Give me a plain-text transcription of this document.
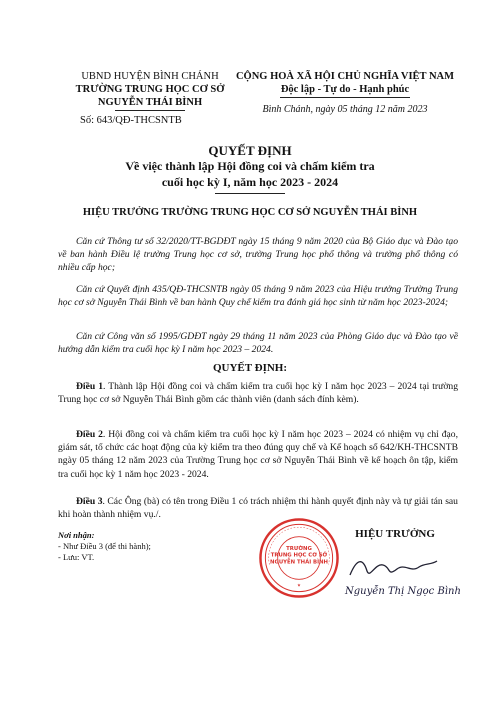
UBND HUYỆN BÌNH CHÁNH
TRƯỜNG TRUNG HỌC CƠ SỞ
NGUYỄN THÁI BÌNH
Số: 643/QĐ-THCSNTB
CỘNG HOÀ XÃ HỘI CHỦ NGHĨA VIỆT NAM
Độc lập - Tự do - Hạnh phúc
Bình Chánh, ngày 05 tháng 12 năm 2023
QUYẾT ĐỊNH
Về việc thành lập Hội đồng coi và chấm kiểm tra
cuối học kỳ I, năm học 2023 - 2024
HIỆU TRƯỞNG TRƯỜNG TRUNG HỌC CƠ SỞ NGUYỄN THÁI BÌNH
Căn cứ Thông tư số 32/2020/TT-BGDĐT ngày 15 tháng 9 năm 2020 của Bộ Giáo dục và Đào tạo về ban hành Điều lệ trường Trung học cơ sở, trường Trung học phổ thông và trường phổ thông có nhiều cấp học;
Căn cứ Quyết định 435/QĐ-THCSNTB ngày 05 tháng 9 năm 2023 của Hiệu trưởng Trường Trung học cơ sở Nguyễn Thái Bình về ban hành Quy chế kiểm tra đánh giá học sinh từ năm học 2023-2024;
Căn cứ Công văn số 1995/GDĐT ngày 29 tháng 11 năm 2023 của Phòng Giáo dục và Đào tạo về hướng dẫn kiểm tra cuối học kỳ I năm học 2023 – 2024.
QUYẾT ĐỊNH:
Điều 1. Thành lập Hội đồng coi và chấm kiểm tra cuối học kỳ I năm học 2023 – 2024 tại trường Trung học cơ sở Nguyễn Thái Bình gồm các thành viên (danh sách đính kèm).
Điều 2. Hội đồng coi và chấm kiểm tra cuối học kỳ I năm học 2023 – 2024 có nhiệm vụ chỉ đạo, giám sát, tổ chức các hoạt động của kỳ kiểm tra theo đúng quy chế và Kế hoạch số 642/KH-THCSNTB ngày 05 tháng 12 năm 2023 của Trường Trung học cơ sở Nguyễn Thái Bình về kế hoạch ôn tập, kiểm tra cuối học kỳ 1 năm học 2023 - 2024.
Điều 3. Các Ông (bà) có tên trong Điều 1 có trách nhiệm thi hành quyết định này và tự giải tán sau khi hoàn thành nhiệm vụ./.
Nơi nhận:
- Như Điều 3 (để thi hành);
- Lưu: VT.
HIỆU TRƯỞNG
TRƯỜNG
TRUNG HỌC CƠ SỞ
NGUYỄN THÁI BÌNH
★
Nguyễn Thị Ngọc Bình
